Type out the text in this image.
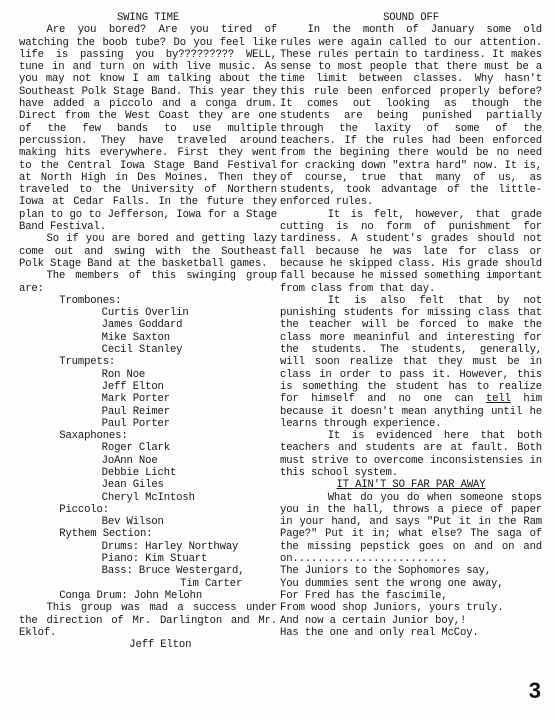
SWING TIME

Are you bored? Are you tired of watching the boob tube? Do you feel like life is passing you by????????? WELL, tune in and turn on with live music. As you may not know I am talking about the Southeast Polk Stage Band. This year they have added a piccolo and a conga drum. Direct from the West Coast they are one of the few bands to use multiple percussion. They have traveled around making hits everywhere. First they went to the Central Iowa Stage Band Festival at North High in Des Moines. Then they traveled to the University of Northern Iowa at Cedar Falls. In the future they plan to go to Jefferson, Iowa for a Stage Band Festival.

So if you are bored and getting lazy come out and swing with the Southeast Polk Stage Band at the basketball games.

The members of this swinging group are:

Trombones:
Curtis Overlin
James Goddard
Mike Saxton
Cecil Stanley
Trumpets:
Ron Noe
Jeff Elton
Mark Porter
Paul Reimer
Paul Porter
Saxaphones:
Roger Clark
JoAnn Noe
Debbie Licht
Jean Giles
Cheryl McIntosh
Piccolo:
Bev Wilson
Rythem Section:
Drums: Harley Northway
Piano: Kim Stuart
Bass: Bruce Westergard,
Tim Carter
Conga Drum: John Melohn

This group was mad a success under the direction of Mr. Darlington and Mr. Eklof.

Jeff Elton

SOUND OFF

In the month of January some old rules were again called to our attention. These rules pertain to tardiness. It makes sense to most people that there must be a time limit between classes. Why hasn't this rule been enforced properly before? It comes out looking as though the students are being punished partially through the laxity of some of the teachers. If the rules had been enforced from the begining there would be no need for cracking down "extra hard" now. It is, of course, true that many of us, as students, took advantage of the little- enforced rules.

It is felt, however, that grade cutting is no form of punishment for tardiness. A student's grades should not fall because he was late for class or because he skipped class. His grade should fall because he missed something important from class from that day.

It is also felt that by not punishing students for missing class that the teacher will be forced to make the class more meaninful and interesting for the students. The students, generally, will soon realize that they must be in class in order to pass it. However, this is something the student has to realize for himself and no one can tell him because it doesn't mean anything until he learns through experience.

It is evidenced here that both teachers and students are at fault. Both must strive to overcome inconsistensies in this school system.

IT AIN'T SO FAR PAR AWAY

What do you do when someone stops you in the hall, throws a piece of paper in your hand, and says "Put it in the Ram Page?" Put it in; what else? The saga of the missing pepstick goes on and on and on.........................

The Juniors to the Sophomores say,
You dummies sent the wrong one away,
For Fred has the fascimile,
From wood shop Juniors, yours truly.
And now a certain Junior boy,!
Has the one and only real McCoy.
3
